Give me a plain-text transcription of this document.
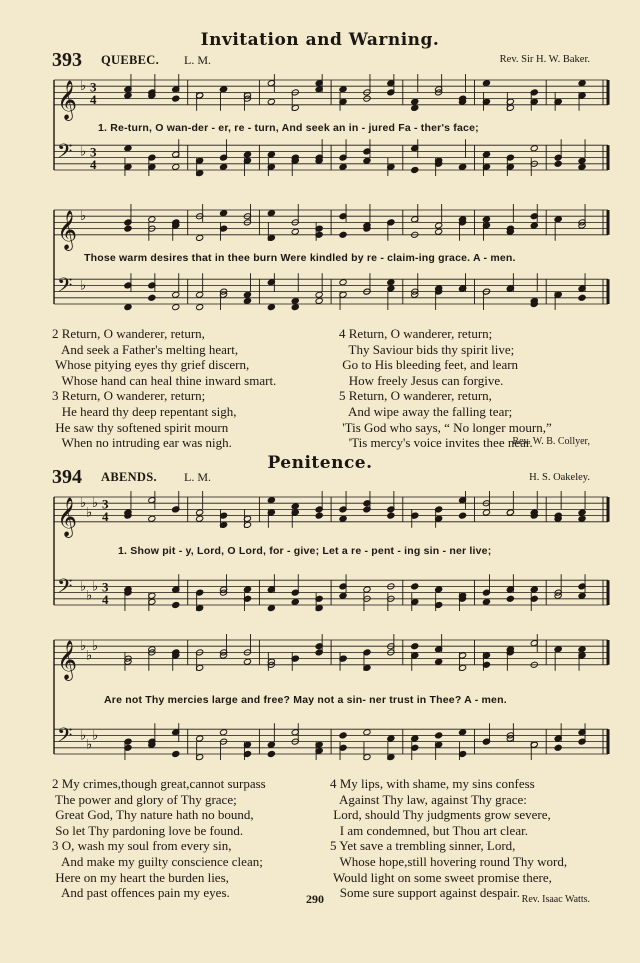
Invitation and Warning.
393 QUEBEC. L. M.	Rev. Sir H. W. Baker.
𝄞 ♭ 3
4
𝄢 ♭ 3
4
1. Re-turn, O wan-der - er, re - turn, And seek an in - jured Fa - ther's face;
𝄞 ♭
𝄢 ♭
Those warm desires that in thee burn Were kindled by re - claim-ing grace. A - men.
2 Return, O wanderer, return,
And seek a Father's melting heart,
Whose pitying eyes thy grief discern,
Whose hand can heal thine inward smart.
3 Return, O wanderer, return;
He heard thy deep repentant sigh,
He saw thy softened spirit mourn
When no intruding ear was nigh.
4 Return, O wanderer, return;
Thy Saviour bids thy spirit live;
Go to His bleeding feet, and learn
How freely Jesus can forgive.
5 Return, O wanderer, return,
And wipe away the falling tear;
'Tis God who says, “ No longer mourn,”
'Tis mercy's voice invites thee near.
Rev. W. B. Collyer,
Penitence.
394 ABENDS. L. M.	H. S. Oakeley.
𝄞 ♭
♭
♭ 3
4
𝄢 ♭
♭
♭ 3
4
1. Show pit - y, Lord, O Lord, for - give; Let a re - pent - ing sin - ner live;
𝄞 ♭
♭
♭
𝄢 ♭
♭
♭
Are not Thy mercies large and free? May not a sin- ner trust in Thee? A - men.
2 My crimes,though great,cannot surpass
The power and glory of Thy grace;
Great God, Thy nature hath no bound,
So let Thy pardoning love be found.
3 O, wash my soul from every sin,
And make my guilty conscience clean;
Here on my heart the burden lies,
And past offences pain my eyes.
4 My lips, with shame, my sins confess
Against Thy law, against Thy grace:
Lord, should Thy judgments grow severe,
I am condemned, but Thou art clear.
5 Yet save a trembling sinner, Lord,
Whose hope,still hovering round Thy word,
Would light on some sweet promise there,
Some sure support against despair.
290	Rev. Isaac Watts.
